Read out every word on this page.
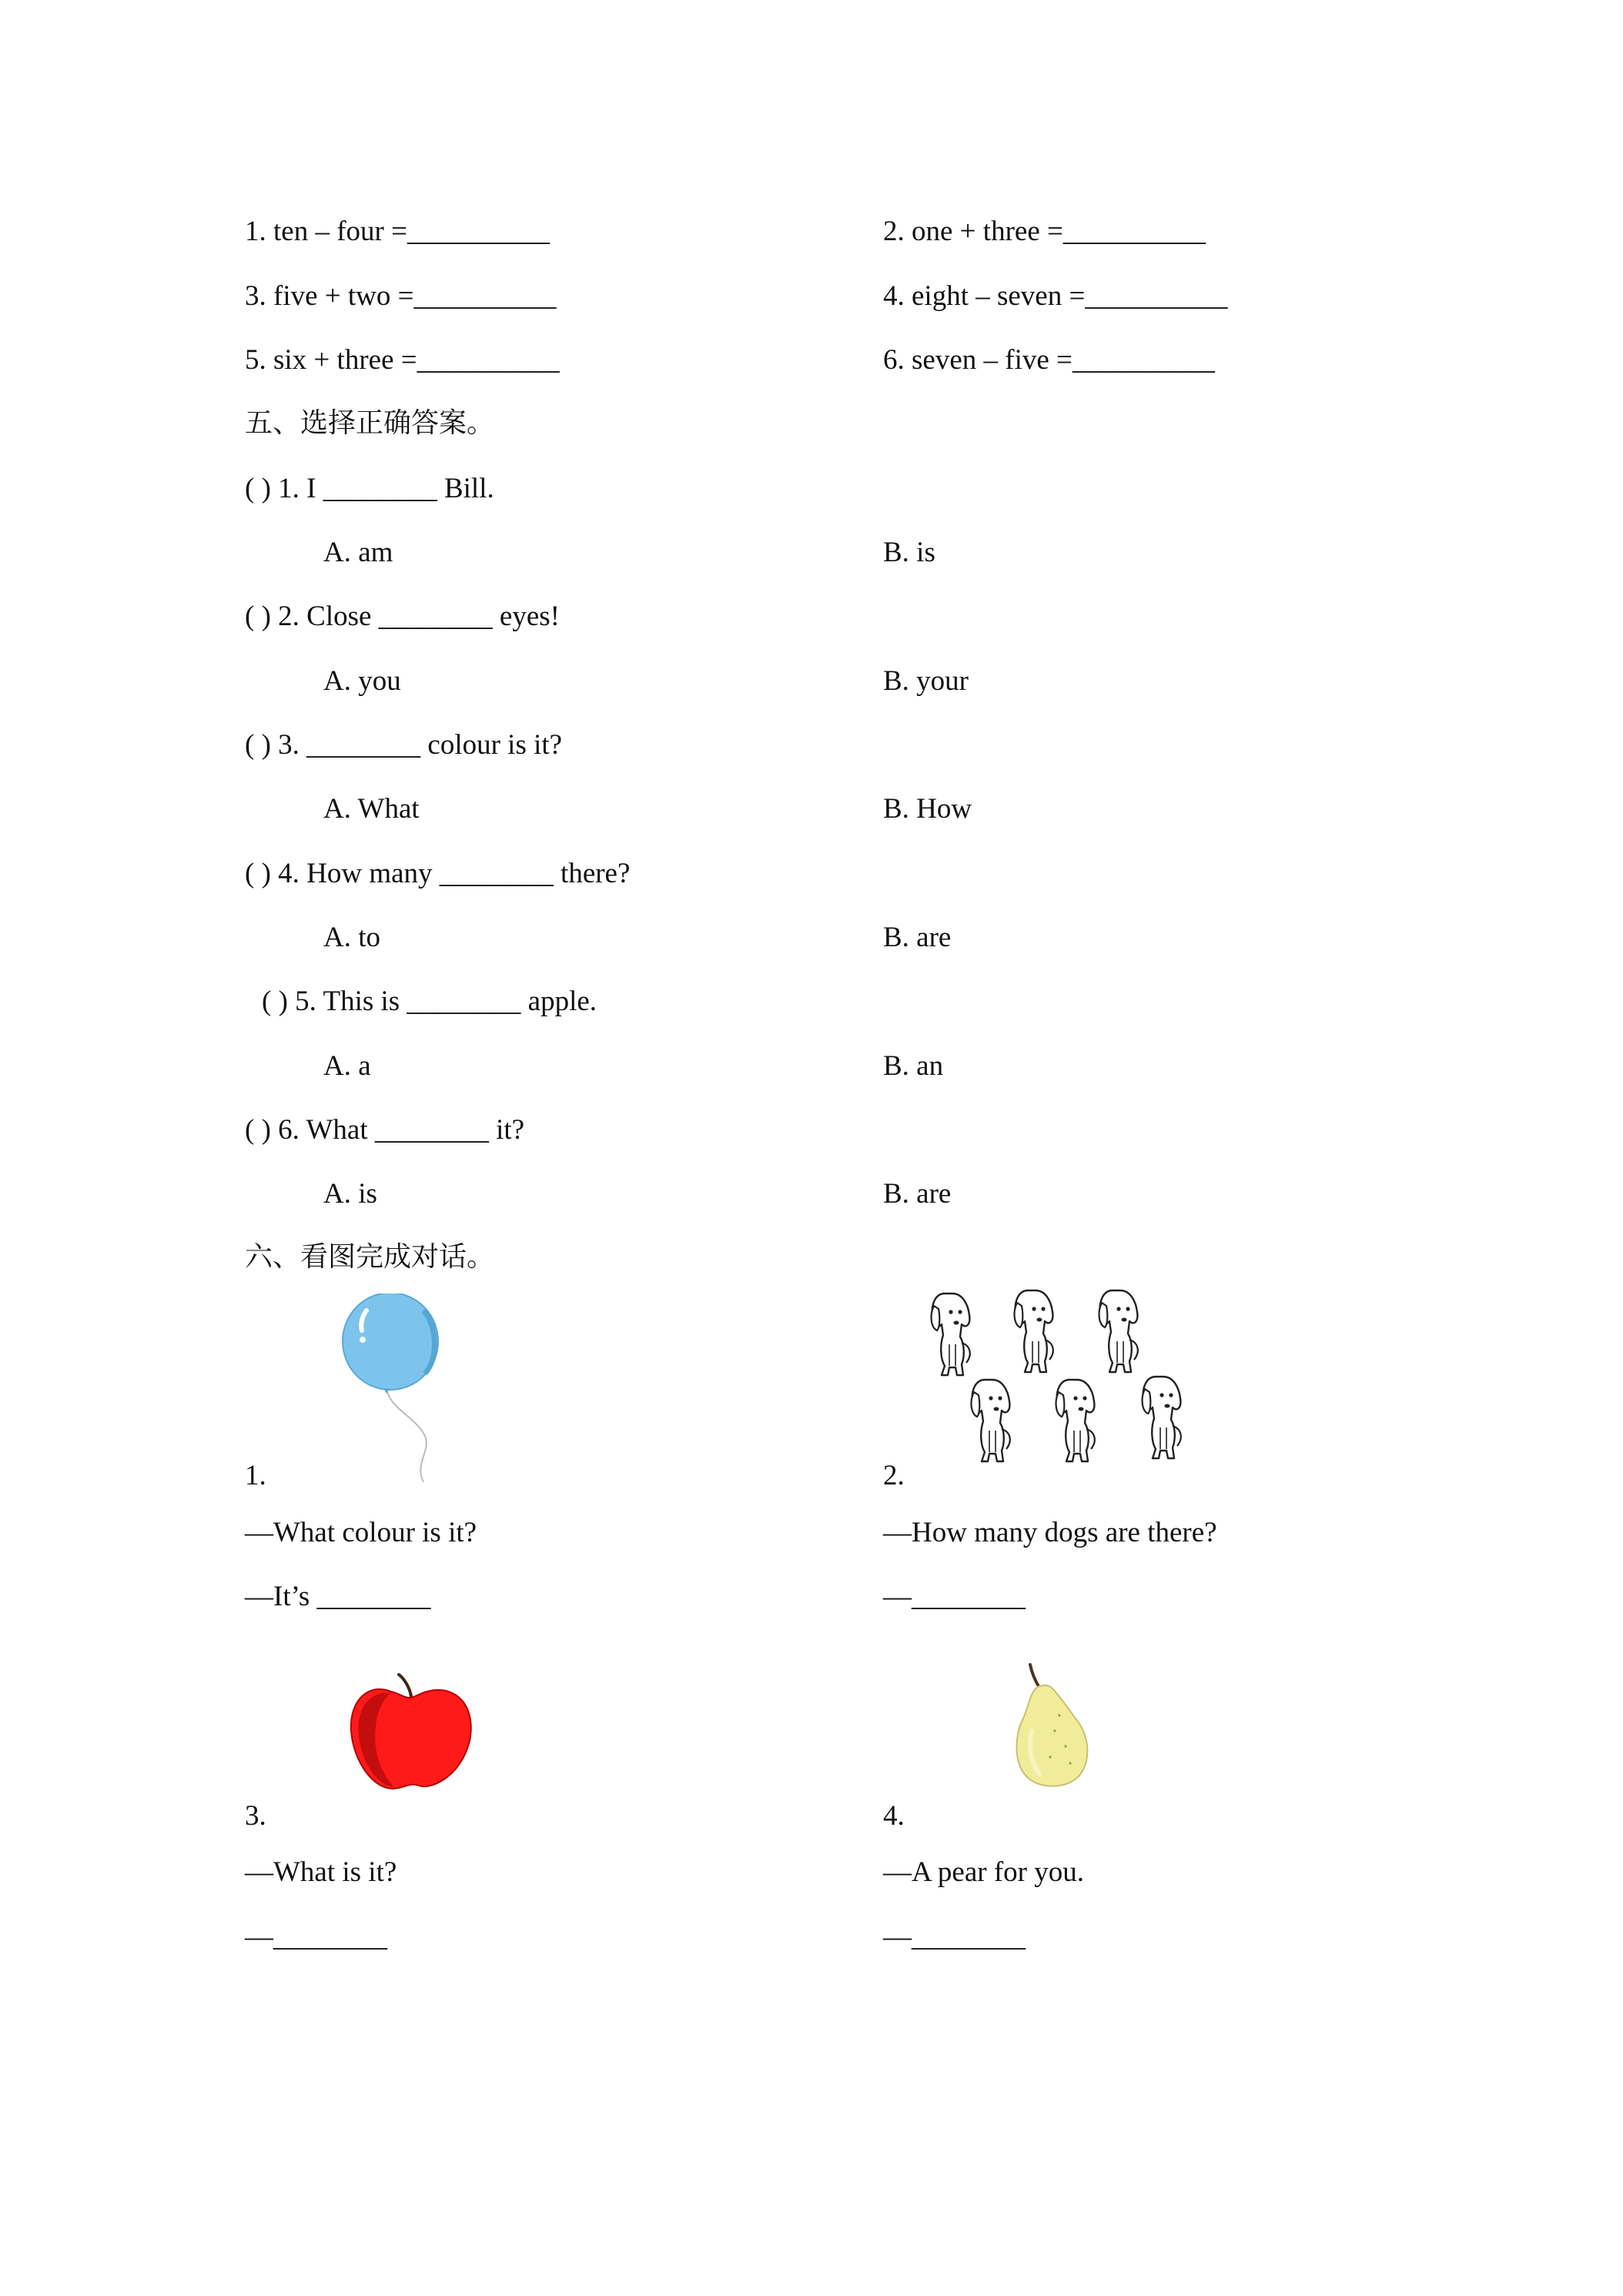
1. ten – four =__________	2. one + three =__________
3. five + two =__________	4. eight – seven =__________
5. six + three =__________	6. seven – five =__________
五、选择正确答案。
( ) 1. I ________ Bill.
A. am	B. is
( ) 2. Close ________ eyes!
A. you	B. your
( ) 3. ________ colour is it?
A. What	B. How
( ) 4. How many ________ there?
A. to	B. are
( ) 5. This is ________ apple.
A. a	B. an
( ) 6. What ________ it?
A. is	B. are
六、看图完成对话。
1.
—What colour is it?
—It’s ________
2.
—How many dogs are there?
—________
3.
—What is it?
—________
4.
—A pear for you.
—________
